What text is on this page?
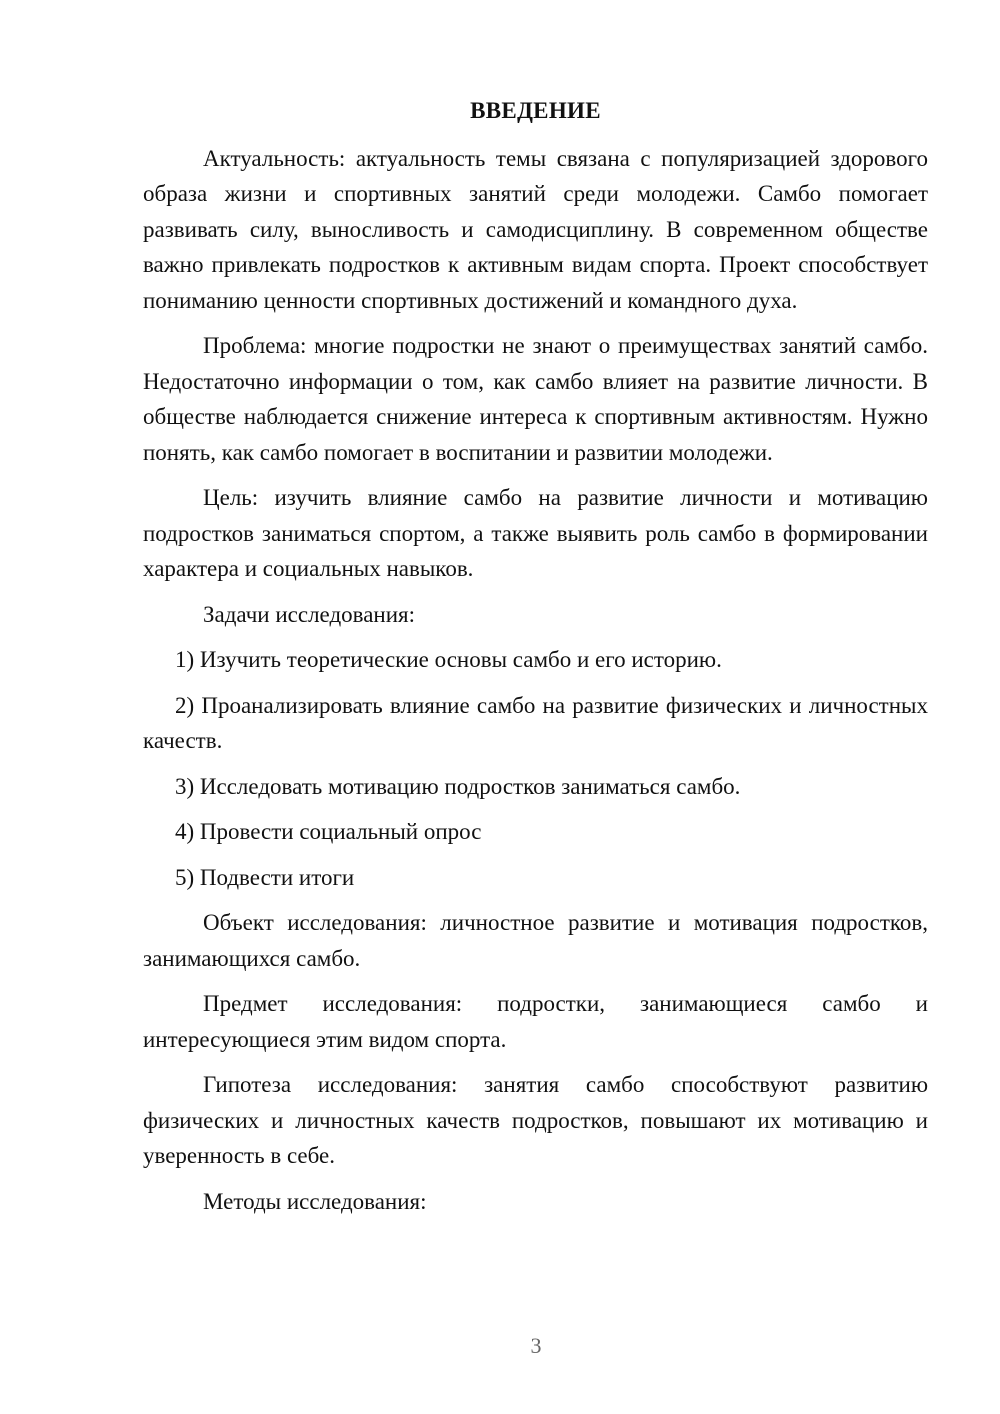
ВВЕДЕНИЕ

Актуальность: актуальность темы связана с популяризацией здорового образа жизни и спортивных занятий среди молодежи. Самбо помогает развивать силу, выносливость и самодисциплину. В современном обществе важно привлекать подростков к активным видам спорта. Проект способствует пониманию ценности спортивных достижений и командного духа.

Проблема: многие подростки не знают о преимуществах занятий самбо. Недостаточно информации о том, как самбо влияет на развитие личности. В обществе наблюдается снижение интереса к спортивным активностям. Нужно понять, как самбо помогает в воспитании и развитии молодежи.

Цель: изучить влияние самбо на развитие личности и мотивацию подростков заниматься спортом, а также выявить роль самбо в формировании характера и социальных навыков.

Задачи исследования:

1) Изучить теоретические основы самбо и его историю.

2) Проанализировать влияние самбо на развитие физических и личностных качеств.

3) Исследовать мотивацию подростков заниматься самбо.

4) Провести социальный опрос

5) Подвести итоги

Объект исследования: личностное развитие и мотивация подростков, занимающихся самбо.

Предмет исследования: подростки, занимающиеся самбо и интересующиеся этим видом спорта.

Гипотеза исследования: занятия самбо способствуют развитию физических и личностных качеств подростков, повышают их мотивацию и уверенность в себе.

Методы исследования:

3
